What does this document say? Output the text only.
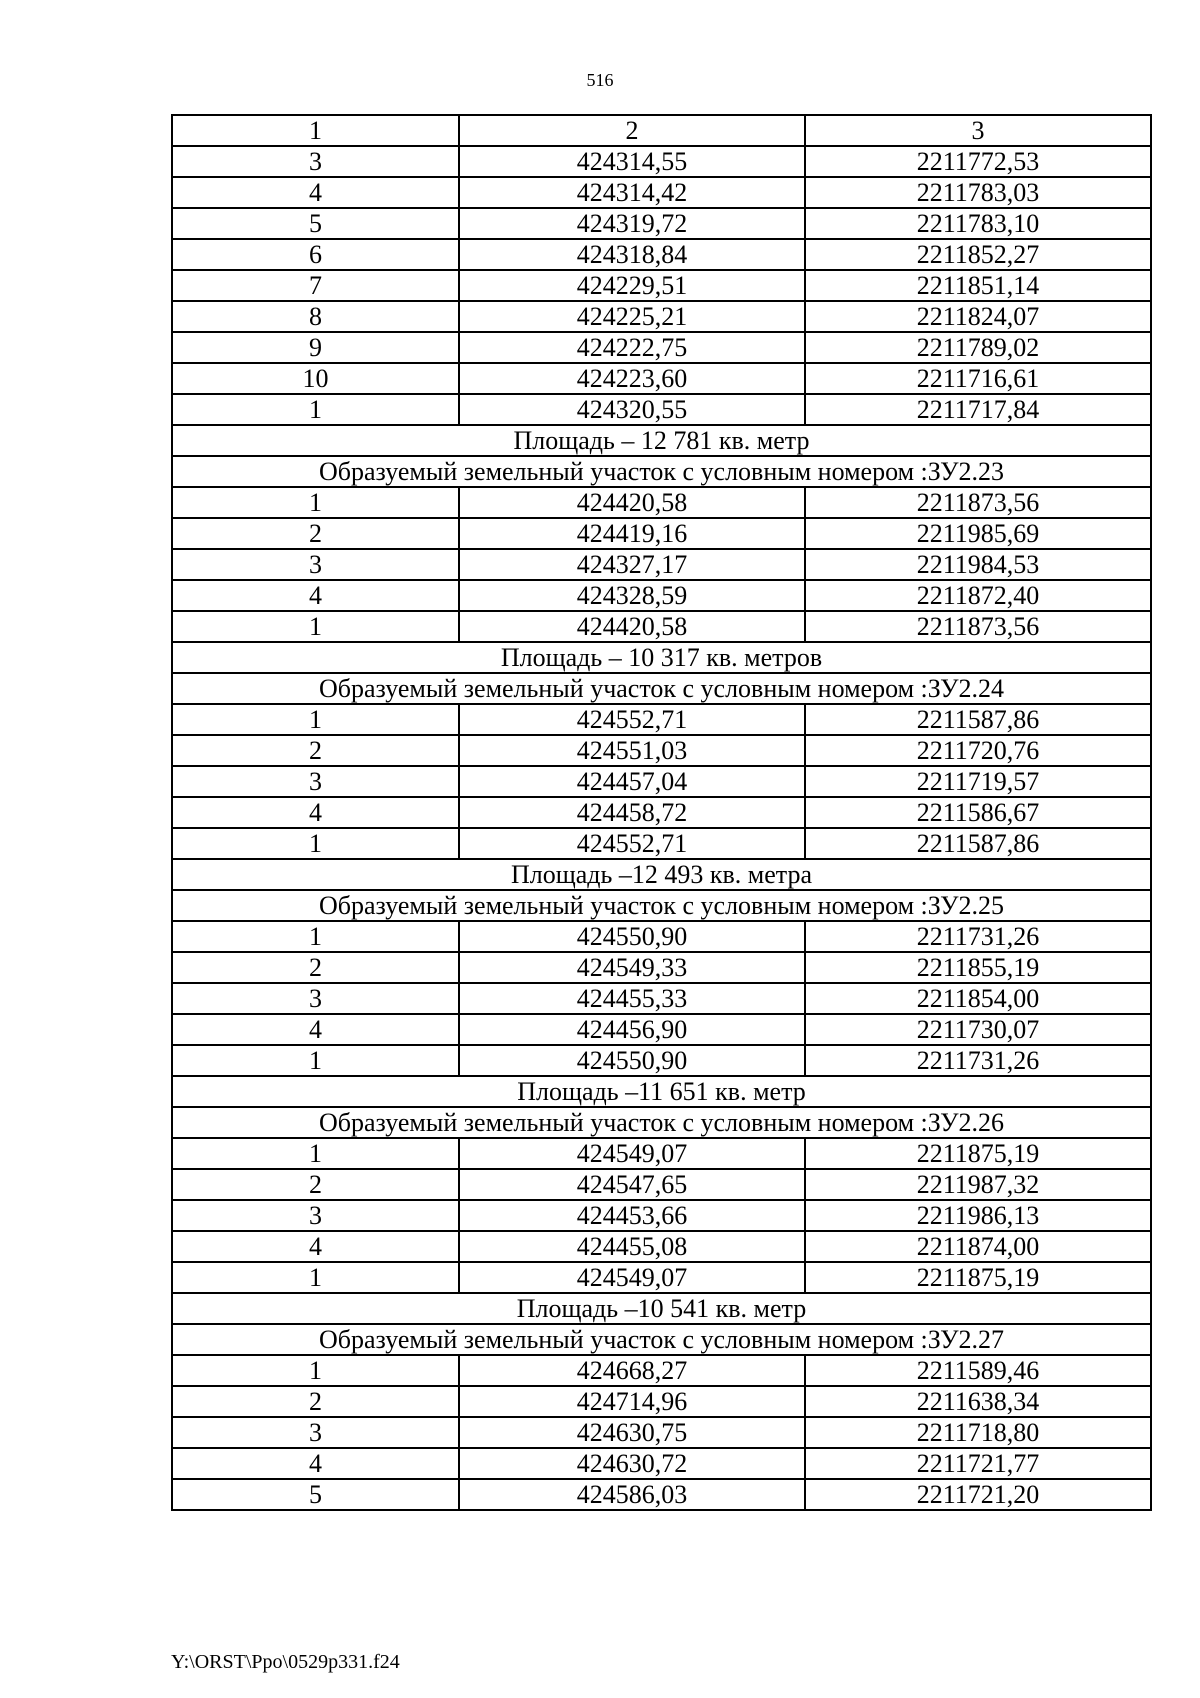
516
1	2	3
3	424314,55	2211772,53
4	424314,42	2211783,03
5	424319,72	2211783,10
6	424318,84	2211852,27
7	424229,51	2211851,14
8	424225,21	2211824,07
9	424222,75	2211789,02
10	424223,60	2211716,61
1	424320,55	2211717,84
Площадь – 12 781 кв. метр		
Образуемый земельный участок с условным номером :ЗУ2.23		
1	424420,58	2211873,56
2	424419,16	2211985,69
3	424327,17	2211984,53
4	424328,59	2211872,40
1	424420,58	2211873,56
Площадь – 10 317 кв. метров		
Образуемый земельный участок с условным номером :ЗУ2.24		
1	424552,71	2211587,86
2	424551,03	2211720,76
3	424457,04	2211719,57
4	424458,72	2211586,67
1	424552,71	2211587,86
Площадь –12 493 кв. метра		
Образуемый земельный участок с условным номером :ЗУ2.25		
1	424550,90	2211731,26
2	424549,33	2211855,19
3	424455,33	2211854,00
4	424456,90	2211730,07
1	424550,90	2211731,26
Площадь –11 651 кв. метр		
Образуемый земельный участок с условным номером :ЗУ2.26		
1	424549,07	2211875,19
2	424547,65	2211987,32
3	424453,66	2211986,13
4	424455,08	2211874,00
1	424549,07	2211875,19
Площадь –10 541 кв. метр		
Образуемый земельный участок с условным номером :ЗУ2.27		
1	424668,27	2211589,46
2	424714,96	2211638,34
3	424630,75	2211718,80
4	424630,72	2211721,77
5	424586,03	2211721,20
Y:\ORST\Ppo\0529p331.f24
